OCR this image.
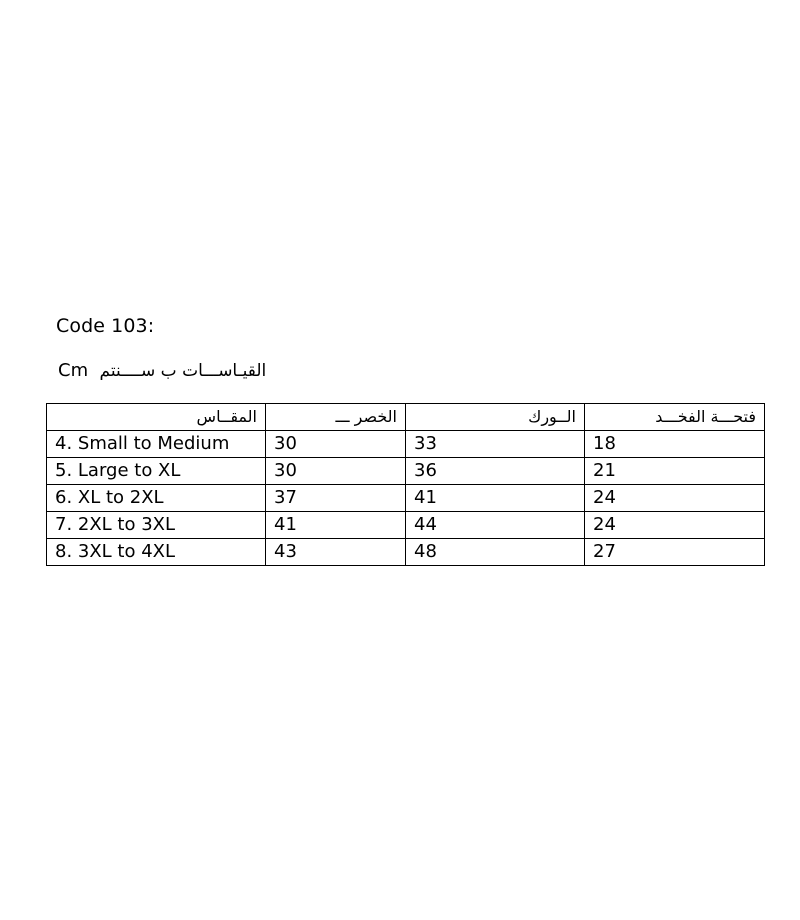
Code 103:
Cm القيـاســـات ب ســــنتم
المقــاس	الخصر ـــ	الــورك	فتحـــة الفخـــد
4. Small to Medium	30	33	18
5. Large to XL	30	36	21
6. XL to 2XL	37	41	24
7. 2XL to 3XL	41	44	24
8. 3XL to 4XL	43	48	27
